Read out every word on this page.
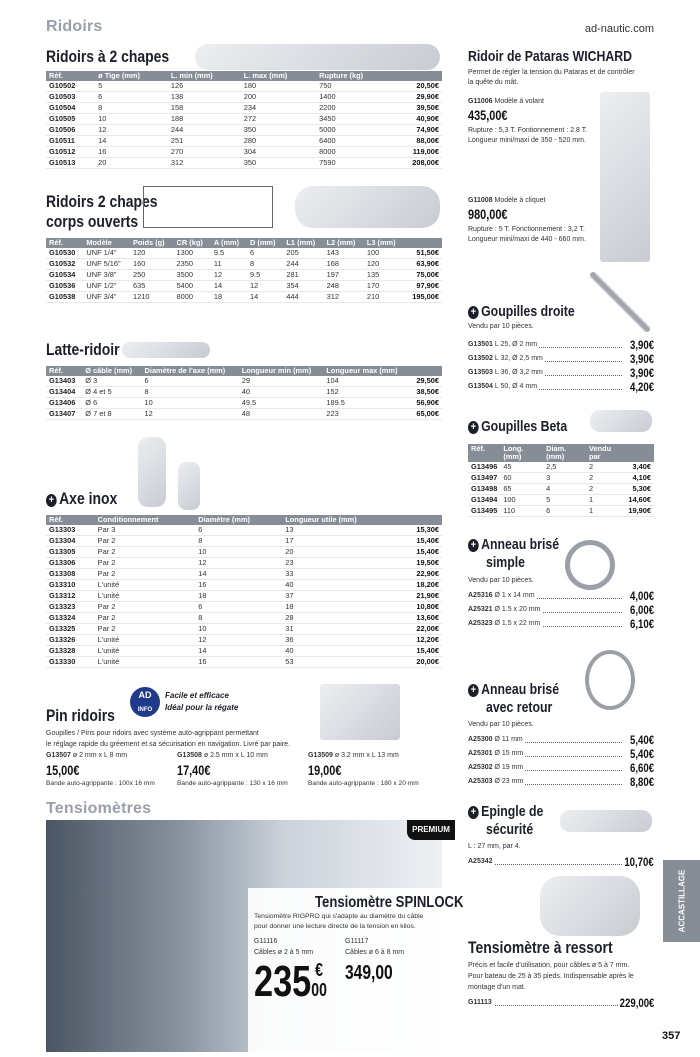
Ridoirs	ad-nautic.com
Ridoirs à 2 chapes
Réf.	ø Tige (mm)	L. min (mm)	L. max (mm)	Rupture (kg)	
G10502	5	126	180	750	20,50€
G10503	6	138	200	1400	29,90€
G10504	8	158	234	2200	39,50€
G10505	10	188	272	3450	40,90€
G10506	12	244	350	5000	74,90€
G10511	14	251	280	6400	88,00€
G10512	16	270	304	8000	119,00€
G10513	20	312	350	7590	208,00€
Ridoirs 2 chapes
corps ouverts
Réf.	Modèle	Poids (g)	CR (kg)	A (mm)	D (mm)	L1 (mm)	L2 (mm)	L3 (mm)	
G10530	UNF 1/4"	120	1300	9.5	6	205	143	100	51,50€
G10532	UNF 5/16"	160	2350	11	8	244	168	120	63,90€
G10534	UNF 3/8"	250	3500	12	9.5	281	197	135	75,00€
G10536	UNF 1/2"	635	5400	14	12	354	248	170	97,90€
G10538	UNF 3/4"	1210	8000	18	14	444	312	210	195,00€
Latte-ridoir
Réf.	Ø câble (mm)	Diamètre de l'axe (mm)	Longueur min (mm)	Longueur max (mm)	
G13403	Ø 3	6	29	104	29,50€
G13404	Ø 4 et 5	8	40	152	38,50€
G13406	Ø 6	10	49.5	189.5	56,90€
G13407	Ø 7 et 8	12	48	223	65,00€
+ Axe inox
Réf.	Conditionnement	Diamètre (mm)	Longueur utile (mm)	
G13303	Par 3	6	13	15,30€
G13304	Par 2	8	17	15,40€
G13305	Par 2	10	20	15,40€
G13306	Par 2	12	23	19,50€
G13308	Par 2	14	33	22,90€
G13310	L'unité	16	40	18,20€
G13312	L'unité	18	37	21,90€
G13323	Par 2	6	18	10,80€
G13324	Par 2	8	28	13,60€
G13325	Par 2	10	31	22,00€
G13326	L'unité	12	36	12,20€
G13328	L'unité	14	40	15,40€
G13330	L'unité	16	53	20,00€
AD
INFO
Facile et efficace
Idéal pour la régate
Pin ridoirs
Goupilles / Pins pour ridoirs avec système auto-agrippant permettant
le réglage rapide du gréement et sa sécurisation en navigation. Livré par paire.
G13507 ø 2 mm x L 8 mm
15,00€
Bande auto-agrippante : 100x 16 mm
G13508 ø 2.5 mm x L 10 mm
17,40€
Bande auto-agrippante : 130 x 16 mm
G13509 ø 3.2 mm x L 13 mm
19,00€
Bande auto-agrippante : 180 x 20 mm
Tensiomètres
PREMIUM
Tensiomètre SPINLOCK
Tensiomètre RIGPRO qui s'adapte au diamètre du câble
pour donner une lecture directe de la tension en kilos.
G11116
Câbles ø 2 à 5 mm
G11117
Câbles ø 6 à 8 mm
235 €
00
349,00
Ridoir de Pataras WICHARD
Permet de régler la tension du Pataras et de contrôler
la quête du mât.
G11006 Modèle à volant
435,00€
Rupture : 5,3 T. Fontionnement : 2.8 T.
Longueur mini/maxi de 350 - 520 mm.
G11008 Modèle à cliquet
980,00€
Rupture : 5 T. Fonctionnement : 3,2 T.
Longueur mini/maxi de 440 - 660 mm.
+ Goupilles droite
Vendu par 10 pièces.
G13501 L 25, Ø 2 mm	3,90€
G13502 L 32, Ø 2,5 mm	3,90€
G13503 L 36, Ø 3,2 mm	3,90€
G13504 L 50, Ø 4 mm	4,20€
+ Goupilles Beta
Réf.	Long. (mm)	Diam. (mm)	Vendu par	
G13496	45	2,5	2	3,40€
G13497	60	3	2	4,10€
G13498	65	4	2	5,30€
G13494	100	5	1	14,60€
G13495	110	6	1	19,90€
+ Anneau brisé
simple
Vendu par 10 pièces.
A25316 Ø 1 x 14 mm	4,00€
A25321 Ø 1.5 x 20 mm	6,00€
A25323 Ø 1.5 x 22 mm	6,10€
+ Anneau brisé
avec retour
Vendu par 10 pièces.
A25300 Ø 11 mm	5,40€
A25301 Ø 15 mm	5,40€
A25302 Ø 19 mm	6,60€
A25303 Ø 23 mm	8,80€
+ Epingle de
sécurité
L : 27 mm, par 4.
A25342	10,70€
Tensiomètre à ressort
Précis et facile d'utilisation, pour câbles ø 5 à 7 mm.
Pour bateau de 25 à 35 pieds. Indispensable après le
montage d'un mat.
G11113	229,00€
ACCASTILLAGE
357
